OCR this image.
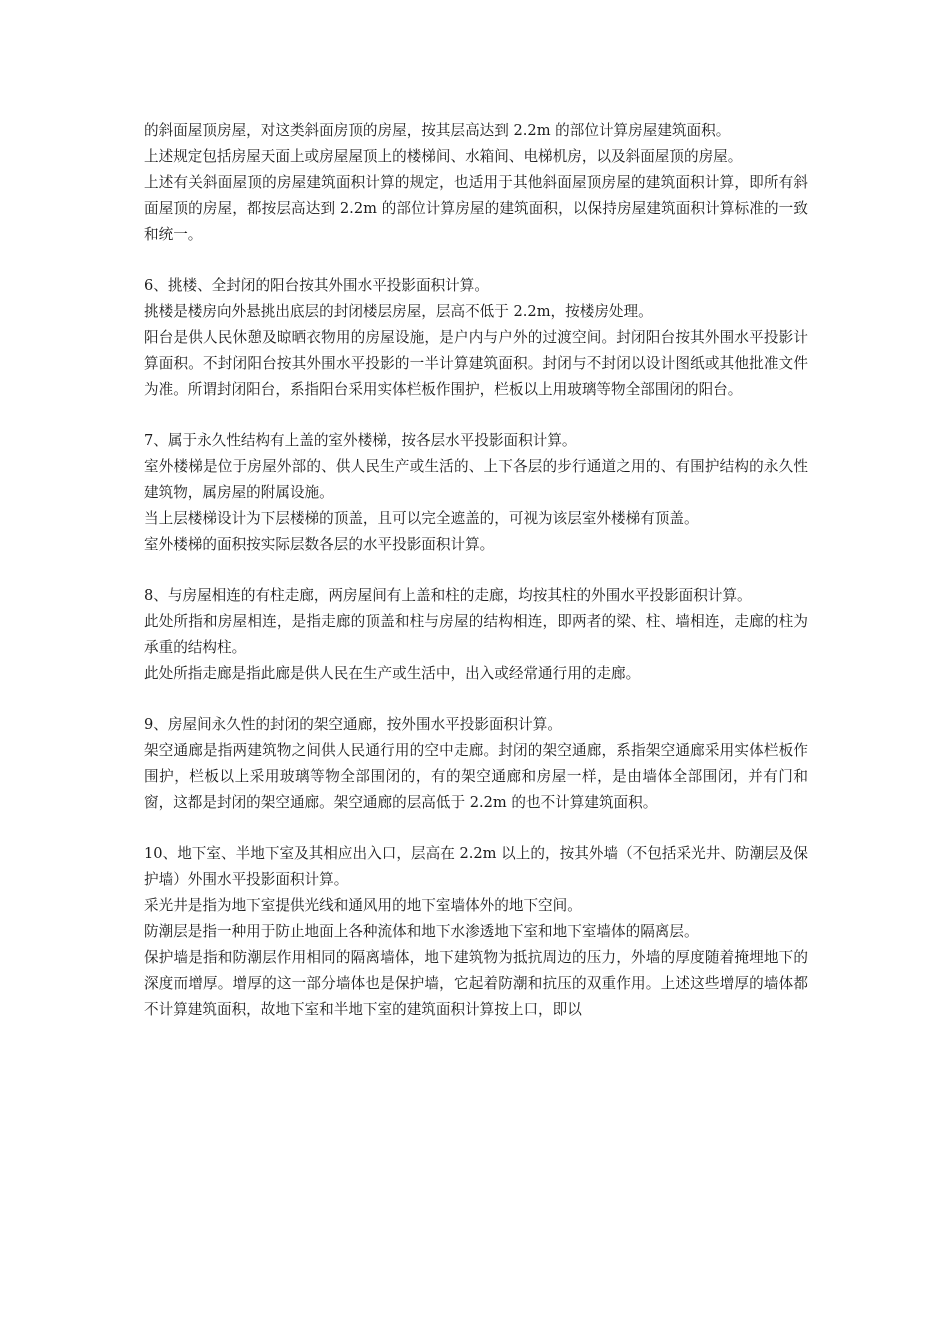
的斜面屋顶房屋，对这类斜面房顶的房屋，按其层高达到 2.2m 的部位计算房屋建筑面积。

上述规定包括房屋天面上或房屋屋顶上的楼梯间、水箱间、电梯机房，以及斜面屋顶的房屋。

上述有关斜面屋顶的房屋建筑面积计算的规定，也适用于其他斜面屋顶房屋的建筑面积计算，即所有斜面屋顶的房屋，都按层高达到 2.2m 的部位计算房屋的建筑面积，以保持房屋建筑面积计算标准的一致和统一。

6、挑楼、全封闭的阳台按其外围水平投影面积计算。

挑楼是楼房向外悬挑出底层的封闭楼层房屋，层高不低于 2.2m，按楼房处理。

阳台是供人民休憩及晾晒衣物用的房屋设施，是户内与户外的过渡空间。封闭阳台按其外围水平投影计算面积。不封闭阳台按其外围水平投影的一半计算建筑面积。封闭与不封闭以设计图纸或其他批准文件为准。所谓封闭阳台，系指阳台采用实体栏板作围护，栏板以上用玻璃等物全部围闭的阳台。

7、属于永久性结构有上盖的室外楼梯，按各层水平投影面积计算。

室外楼梯是位于房屋外部的、供人民生产或生活的、上下各层的步行通道之用的、有围护结构的永久性建筑物，属房屋的附属设施。

当上层楼梯设计为下层楼梯的顶盖，且可以完全遮盖的，可视为该层室外楼梯有顶盖。

室外楼梯的面积按实际层数各层的水平投影面积计算。

8、与房屋相连的有柱走廊，两房屋间有上盖和柱的走廊，均按其柱的外围水平投影面积计算。

此处所指和房屋相连，是指走廊的顶盖和柱与房屋的结构相连，即两者的梁、柱、墙相连，走廊的柱为承重的结构柱。

此处所指走廊是指此廊是供人民在生产或生活中，出入或经常通行用的走廊。

9、房屋间永久性的封闭的架空通廊，按外围水平投影面积计算。

架空通廊是指两建筑物之间供人民通行用的空中走廊。封闭的架空通廊，系指架空通廊采用实体栏板作围护，栏板以上采用玻璃等物全部围闭的，有的架空通廊和房屋一样，是由墙体全部围闭，并有门和窗，这都是封闭的架空通廊。架空通廊的层高低于 2.2m 的也不计算建筑面积。

10、地下室、半地下室及其相应出入口，层高在 2.2m 以上的，按其外墙（不包括采光井、防潮层及保护墙）外围水平投影面积计算。

采光井是指为地下室提供光线和通风用的地下室墙体外的地下空间。

防潮层是指一种用于防止地面上各种流体和地下水渗透地下室和地下室墙体的隔离层。

保护墙是指和防潮层作用相同的隔离墙体，地下建筑物为抵抗周边的压力，外墙的厚度随着掩埋地下的深度而增厚。增厚的这一部分墙体也是保护墙，它起着防潮和抗压的双重作用。上述这些增厚的墙体都不计算建筑面积，故地下室和半地下室的建筑面积计算按上口，即以
